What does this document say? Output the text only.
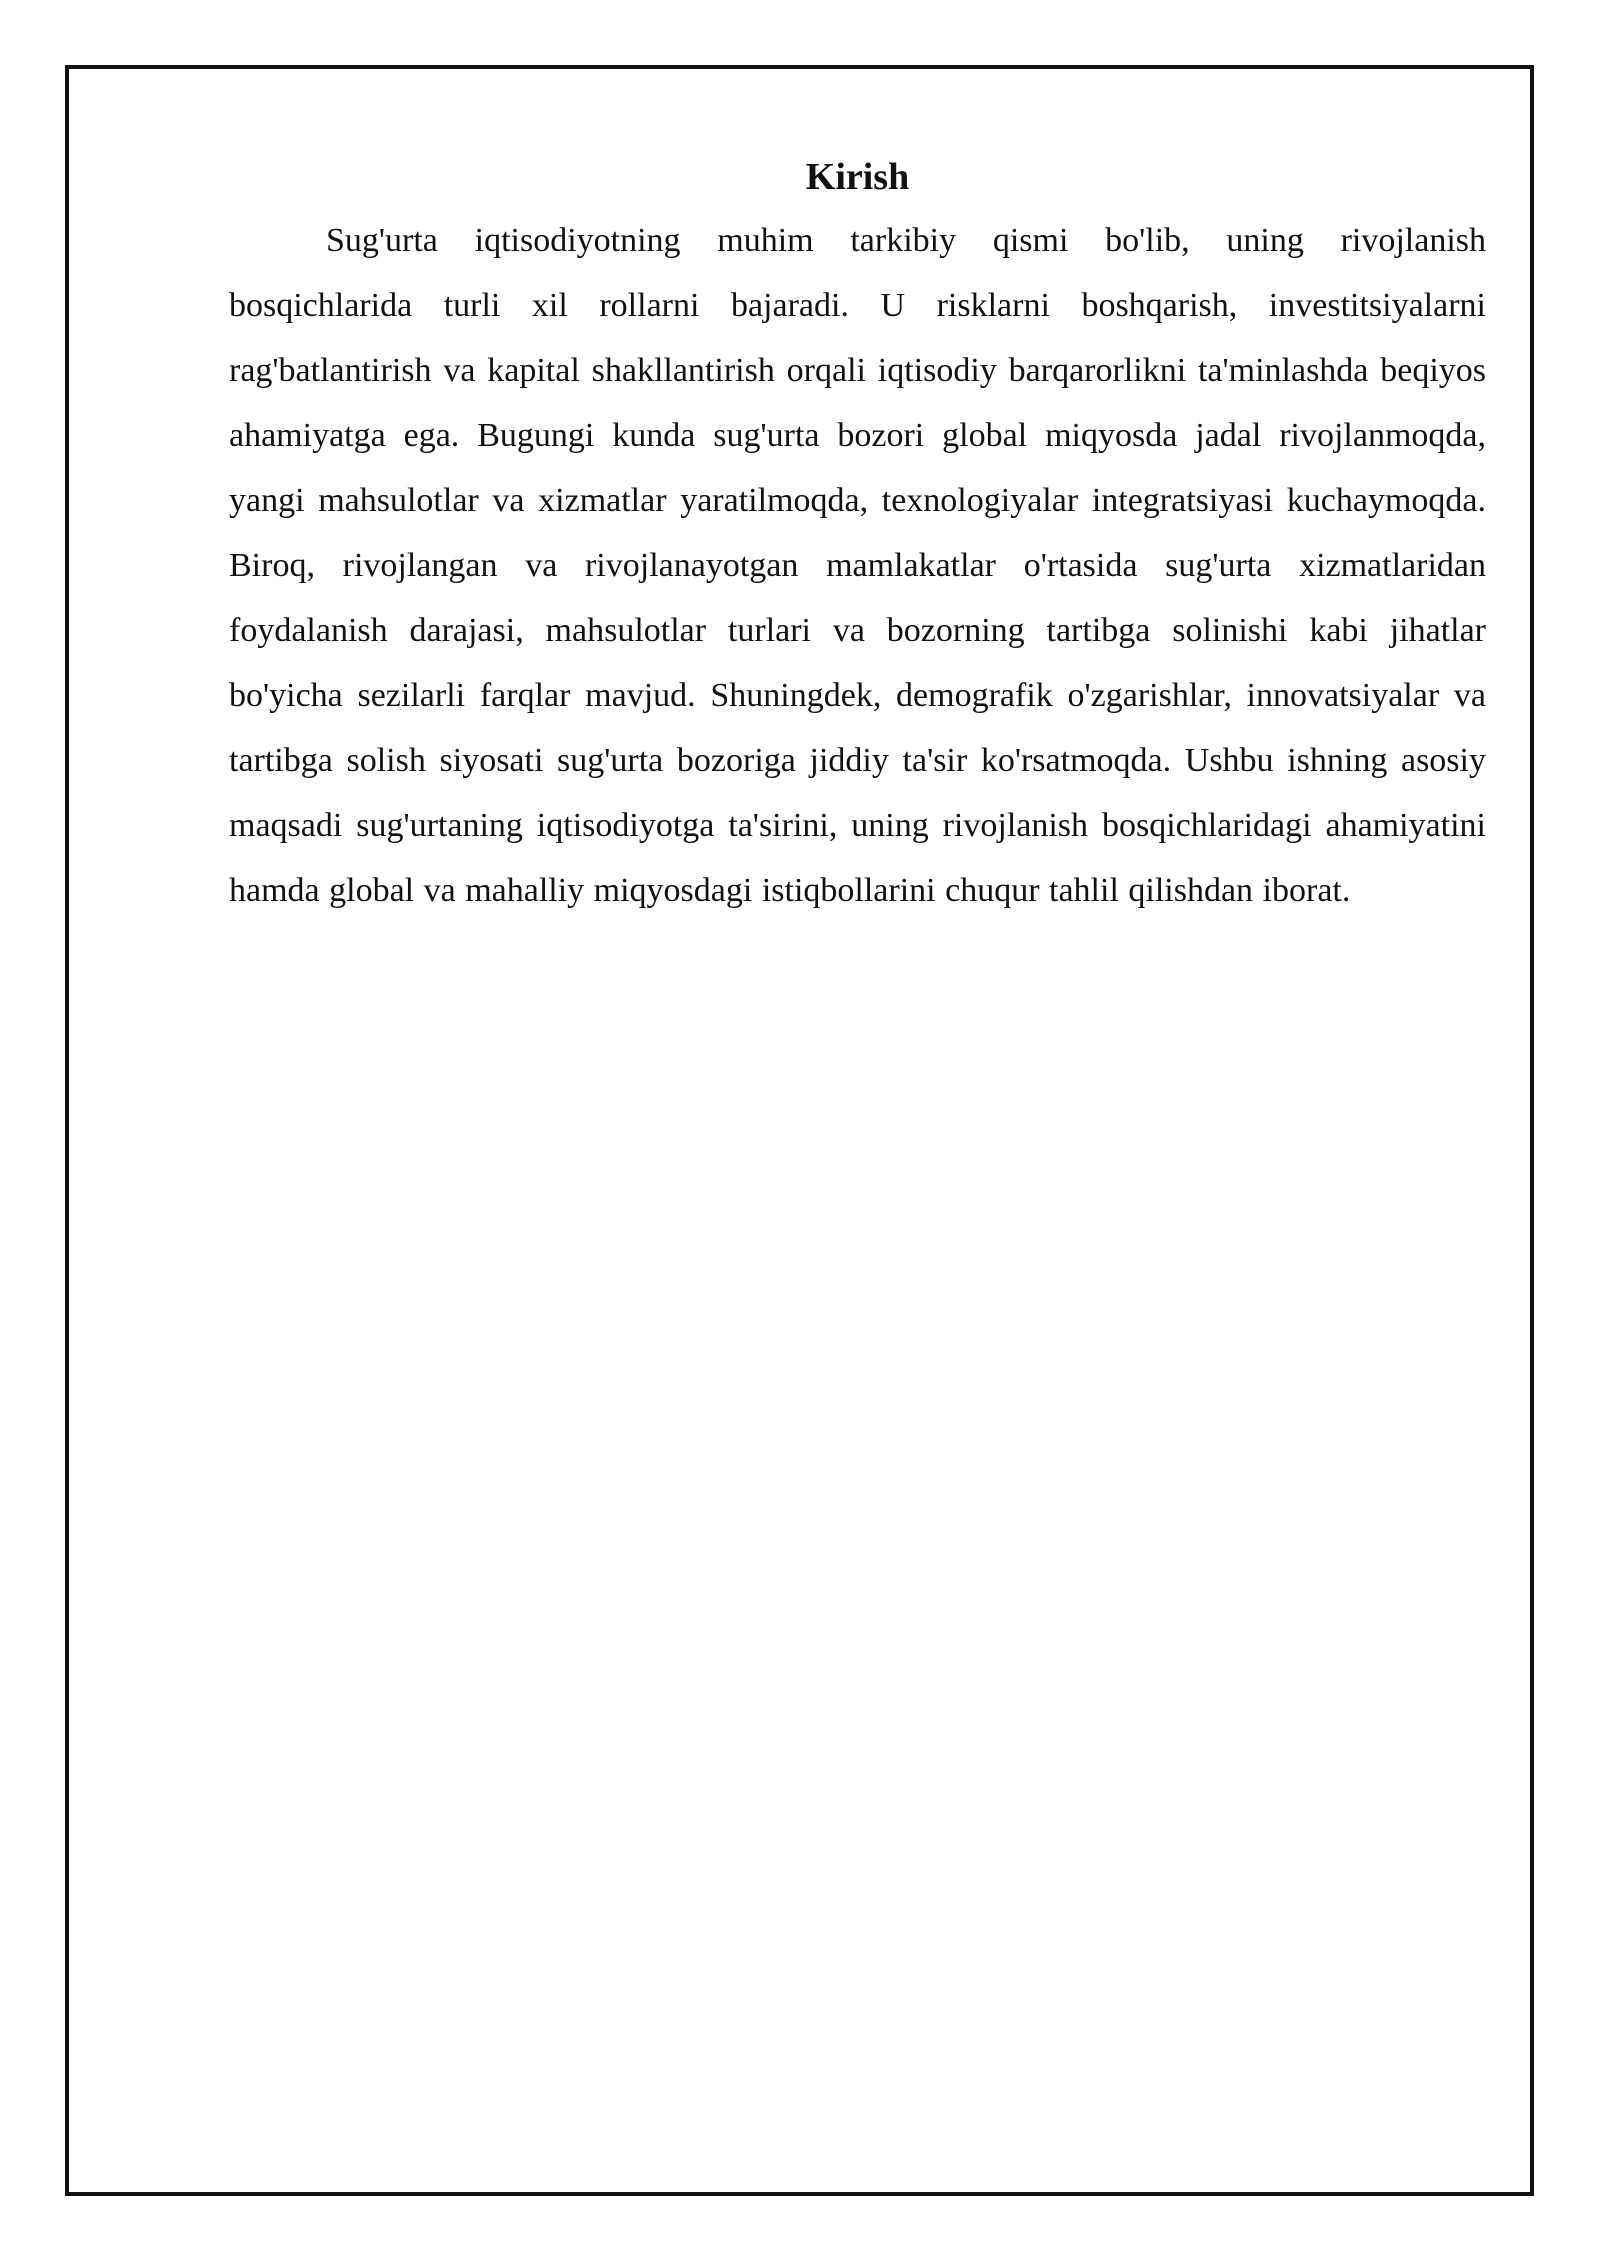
Kirish

Sug'urta iqtisodiyotning muhim tarkibiy qismi bo'lib, uning rivojlanish bosqichlarida turli xil rollarni bajaradi. U risklarni boshqarish, investitsiyalarni rag'batlantirish va kapital shakllantirish orqali iqtisodiy barqarorlikni ta'minlashda beqiyos ahamiyatga ega. Bugungi kunda sug'urta bozori global miqyosda jadal rivojlanmoqda, yangi mahsulotlar va xizmatlar yaratilmoqda, texnologiyalar integratsiyasi kuchaymoqda. Biroq, rivojlangan va rivojlanayotgan mamlakatlar o'rtasida sug'urta xizmatlaridan foydalanish darajasi, mahsulotlar turlari va bozorning tartibga solinishi kabi jihatlar bo'yicha sezilarli farqlar mavjud. Shuningdek, demografik o'zgarishlar, innovatsiyalar va tartibga solish siyosati sug'urta bozoriga jiddiy ta'sir ko'rsatmoqda. Ushbu ishning asosiy maqsadi sug'urtaning iqtisodiyotga ta'sirini, uning rivojlanish bosqichlaridagi ahamiyatini hamda global va mahalliy miqyosdagi istiqbollarini chuqur tahlil qilishdan iborat.
